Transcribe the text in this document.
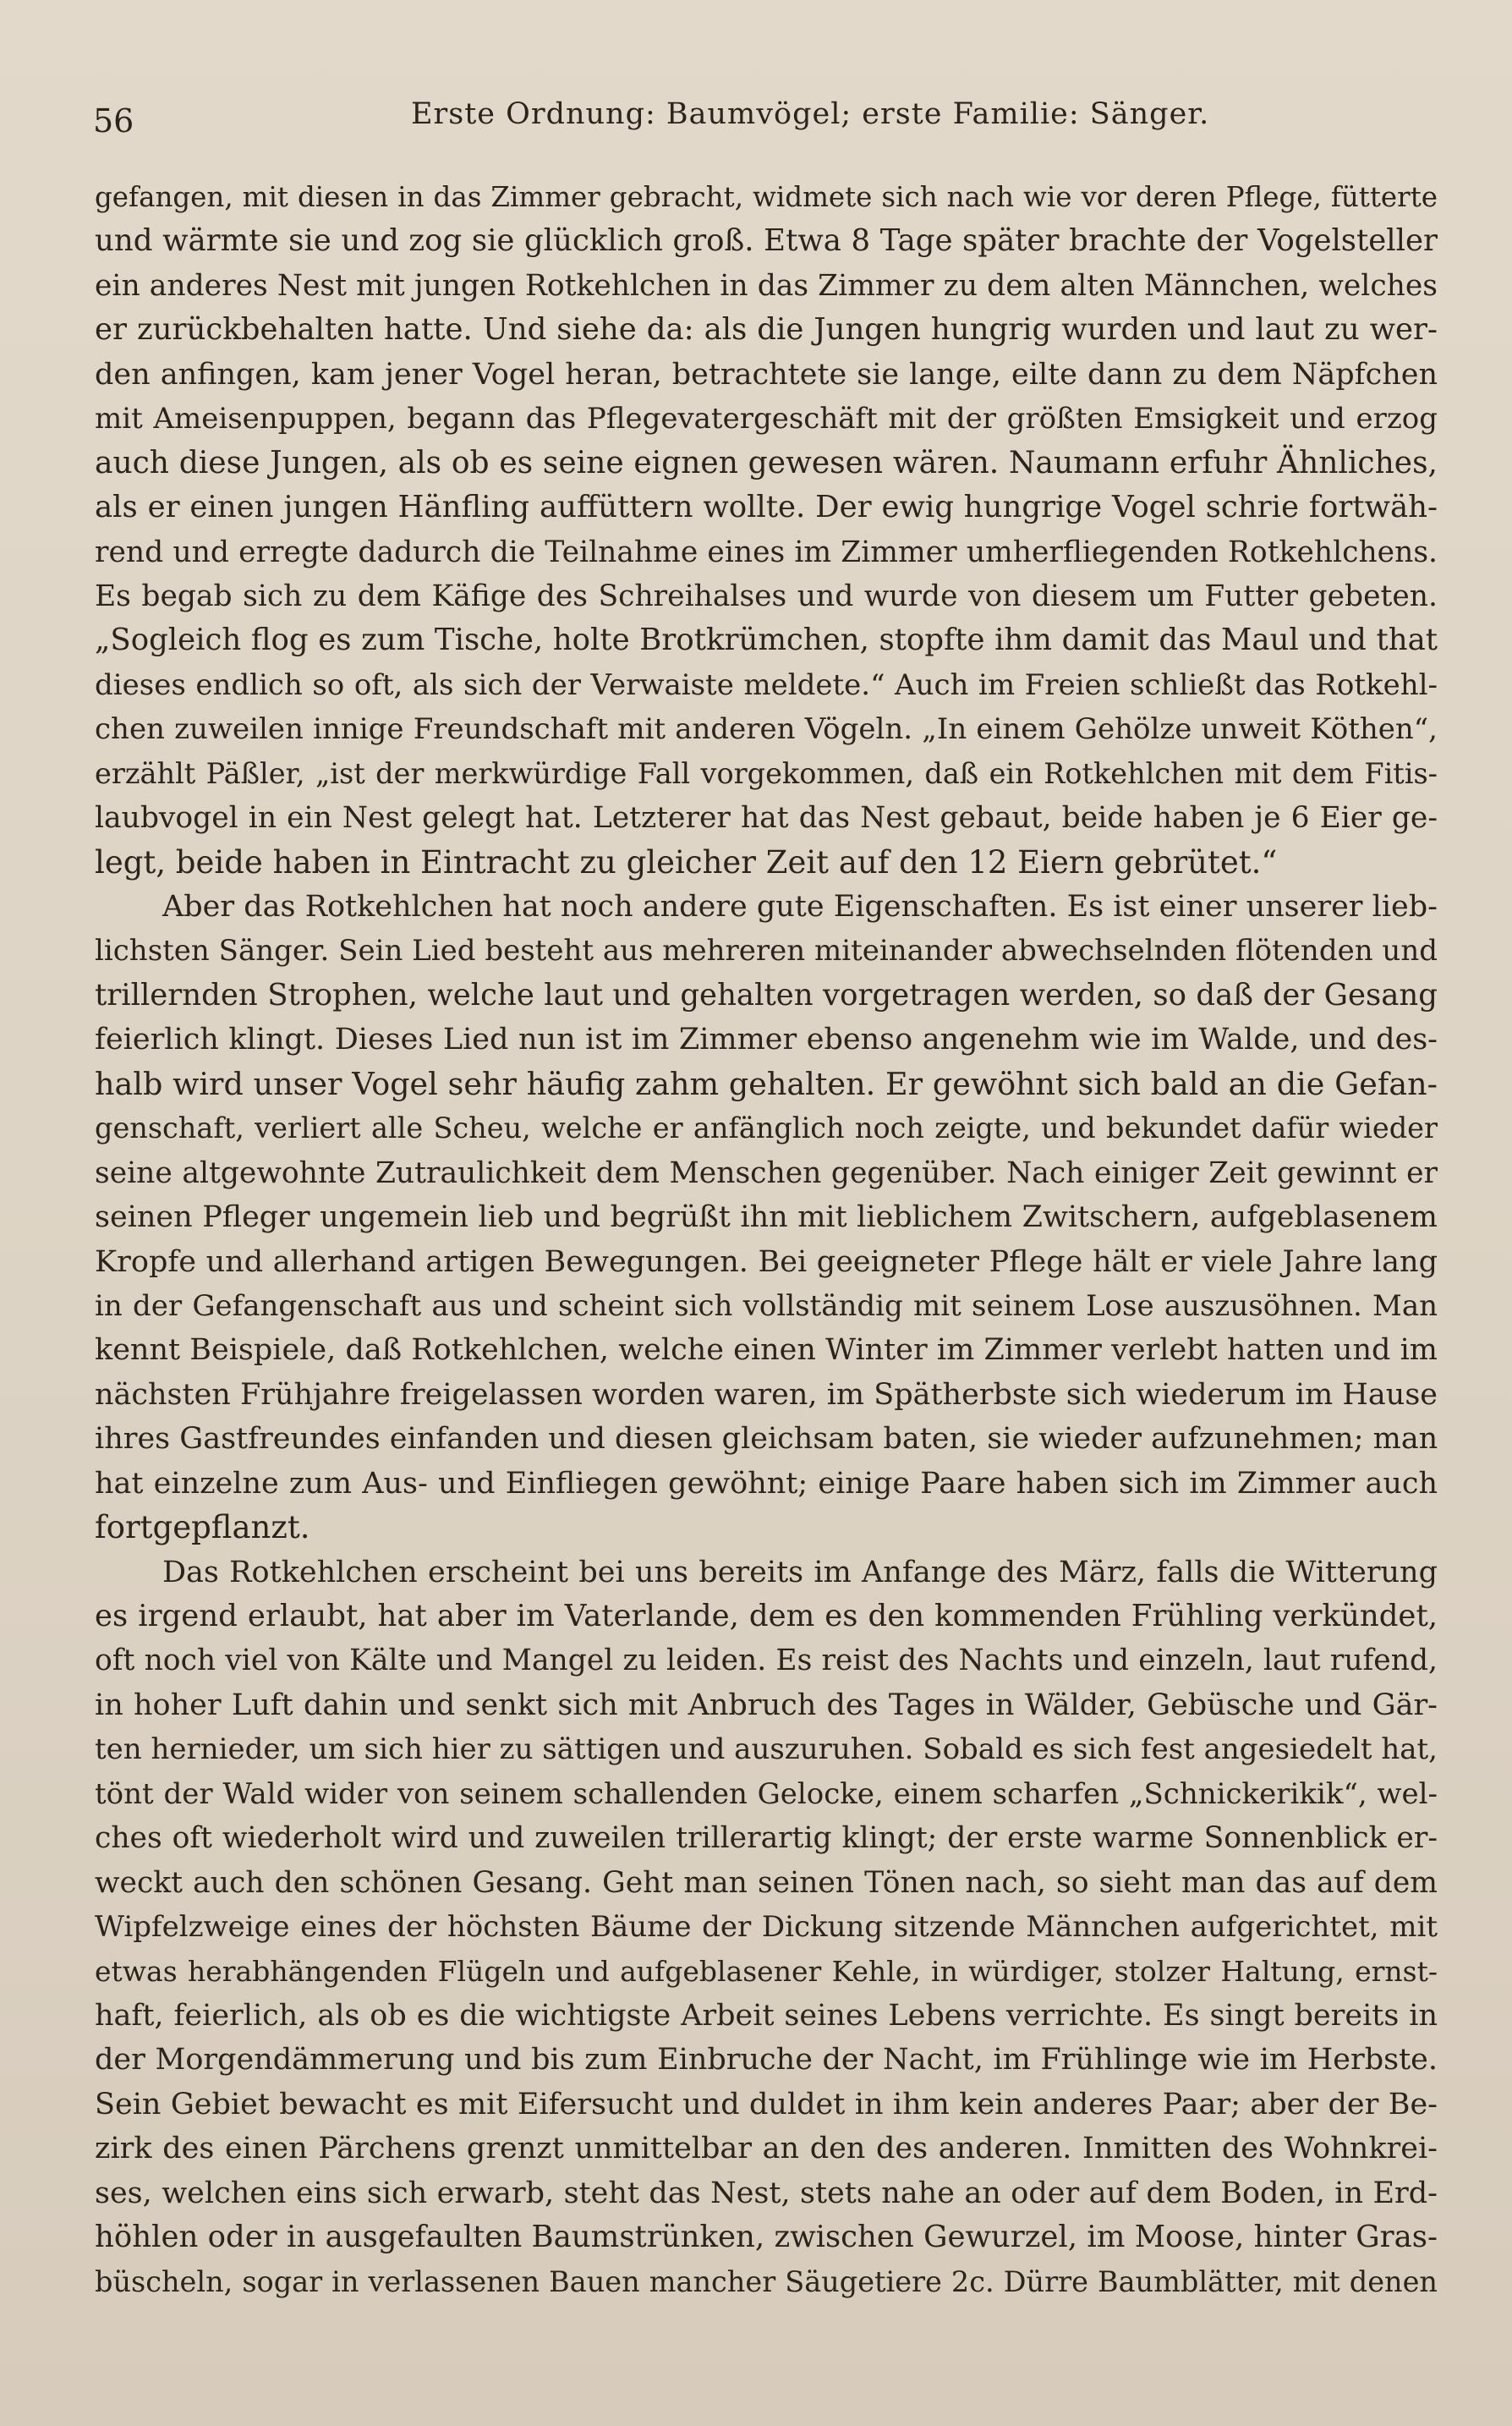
56	Erste Ordnung: Baumvögel; erste Familie: Sänger.
gefangen, mit diesen in das Zimmer gebracht, widmete sich nach wie vor deren Pflege, fütterte
und wärmte sie und zog sie glücklich groß. Etwa 8 Tage später brachte der Vogelsteller
ein anderes Nest mit jungen Rotkehlchen in das Zimmer zu dem alten Männchen, welches
er zurückbehalten hatte. Und siehe da: als die Jungen hungrig wurden und laut zu wer-
den anfingen, kam jener Vogel heran, betrachtete sie lange, eilte dann zu dem Näpfchen
mit Ameisenpuppen, begann das Pflegevatergeschäft mit der größten Emsigkeit und erzog
auch diese Jungen, als ob es seine eignen gewesen wären. Naumann erfuhr Ähnliches,
als er einen jungen Hänfling auffüttern wollte. Der ewig hungrige Vogel schrie fortwäh-
rend und erregte dadurch die Teilnahme eines im Zimmer umherfliegenden Rotkehlchens.
Es begab sich zu dem Käfige des Schreihalses und wurde von diesem um Futter gebeten.
„Sogleich flog es zum Tische, holte Brotkrümchen, stopfte ihm damit das Maul und that
dieses endlich so oft, als sich der Verwaiste meldete.“ Auch im Freien schließt das Rotkehl-
chen zuweilen innige Freundschaft mit anderen Vögeln. „In einem Gehölze unweit Köthen“,
erzählt Päßler, „ist der merkwürdige Fall vorgekommen, daß ein Rotkehlchen mit dem Fitis-
laubvogel in ein Nest gelegt hat. Letzterer hat das Nest gebaut, beide haben je 6 Eier ge-
legt, beide haben in Eintracht zu gleicher Zeit auf den 12 Eiern gebrütet.“
Aber das Rotkehlchen hat noch andere gute Eigenschaften. Es ist einer unserer lieb-
lichsten Sänger. Sein Lied besteht aus mehreren miteinander abwechselnden flötenden und
trillernden Strophen, welche laut und gehalten vorgetragen werden, so daß der Gesang
feierlich klingt. Dieses Lied nun ist im Zimmer ebenso angenehm wie im Walde, und des-
halb wird unser Vogel sehr häufig zahm gehalten. Er gewöhnt sich bald an die Gefan-
genschaft, verliert alle Scheu, welche er anfänglich noch zeigte, und bekundet dafür wieder
seine altgewohnte Zutraulichkeit dem Menschen gegenüber. Nach einiger Zeit gewinnt er
seinen Pfleger ungemein lieb und begrüßt ihn mit lieblichem Zwitschern, aufgeblasenem
Kropfe und allerhand artigen Bewegungen. Bei geeigneter Pflege hält er viele Jahre lang
in der Gefangenschaft aus und scheint sich vollständig mit seinem Lose auszusöhnen. Man
kennt Beispiele, daß Rotkehlchen, welche einen Winter im Zimmer verlebt hatten und im
nächsten Frühjahre freigelassen worden waren, im Spätherbste sich wiederum im Hause
ihres Gastfreundes einfanden und diesen gleichsam baten, sie wieder aufzunehmen; man
hat einzelne zum Aus- und Einfliegen gewöhnt; einige Paare haben sich im Zimmer auch
fortgepflanzt.
Das Rotkehlchen erscheint bei uns bereits im Anfange des März, falls die Witterung
es irgend erlaubt, hat aber im Vaterlande, dem es den kommenden Frühling verkündet,
oft noch viel von Kälte und Mangel zu leiden. Es reist des Nachts und einzeln, laut rufend,
in hoher Luft dahin und senkt sich mit Anbruch des Tages in Wälder, Gebüsche und Gär-
ten hernieder, um sich hier zu sättigen und auszuruhen. Sobald es sich fest angesiedelt hat,
tönt der Wald wider von seinem schallenden Gelocke, einem scharfen „Schnickerikik“, wel-
ches oft wiederholt wird und zuweilen trillerartig klingt; der erste warme Sonnenblick er-
weckt auch den schönen Gesang. Geht man seinen Tönen nach, so sieht man das auf dem
Wipfelzweige eines der höchsten Bäume der Dickung sitzende Männchen aufgerichtet, mit
etwas herabhängenden Flügeln und aufgeblasener Kehle, in würdiger, stolzer Haltung, ernst-
haft, feierlich, als ob es die wichtigste Arbeit seines Lebens verrichte. Es singt bereits in
der Morgendämmerung und bis zum Einbruche der Nacht, im Frühlinge wie im Herbste.
Sein Gebiet bewacht es mit Eifersucht und duldet in ihm kein anderes Paar; aber der Be-
zirk des einen Pärchens grenzt unmittelbar an den des anderen. Inmitten des Wohnkrei-
ses, welchen eins sich erwarb, steht das Nest, stets nahe an oder auf dem Boden, in Erd-
höhlen oder in ausgefaulten Baumstrünken, zwischen Gewurzel, im Moose, hinter Gras-
büscheln, sogar in verlassenen Bauen mancher Säugetiere 2c. Dürre Baumblätter, mit denen
